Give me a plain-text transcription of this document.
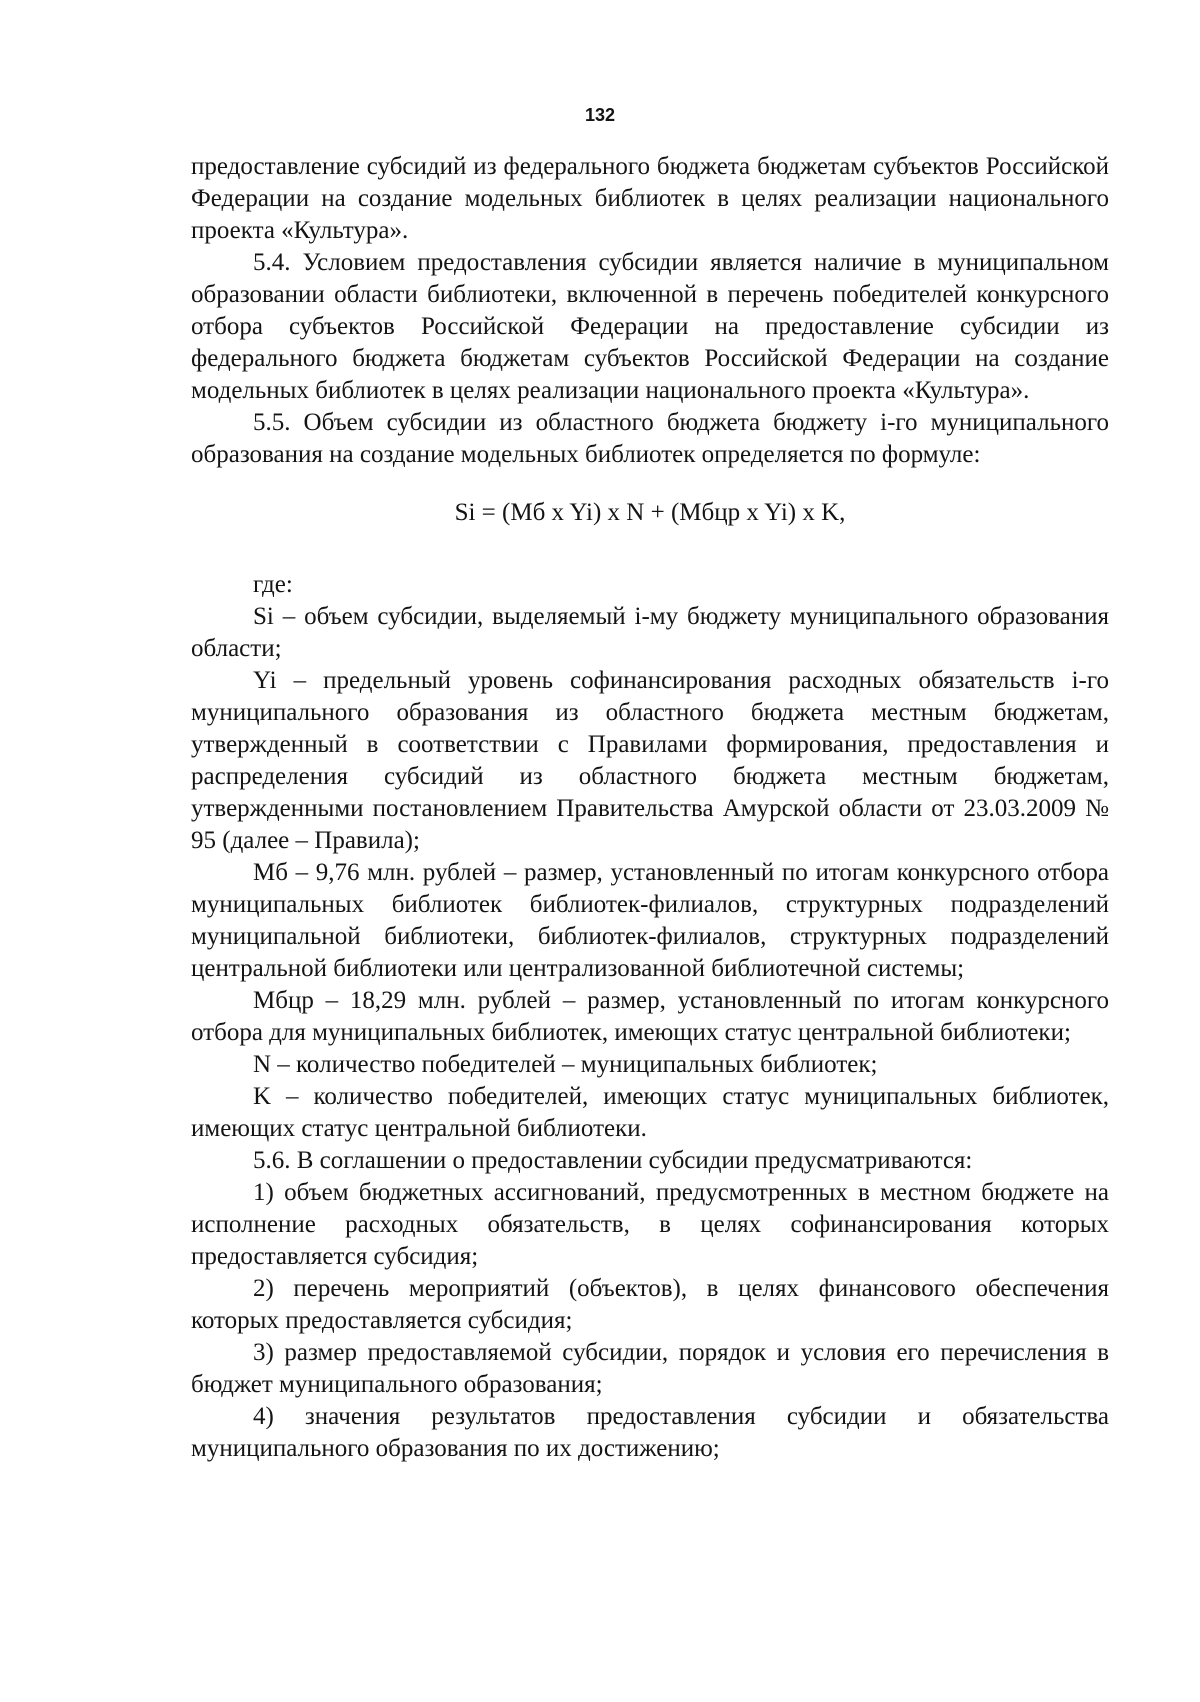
132

предоставление субсидий из федерального бюджета бюджетам субъектов Российской Федерации на создание модельных библиотек в целях реализации национального проекта «Культура».

5.4. Условием предоставления субсидии является наличие в муниципальном образовании области библиотеки, включенной в перечень победителей конкурсного отбора субъектов Российской Федерации на предоставление субсидии из федерального бюджета бюджетам субъектов Российской Федерации на создание модельных библиотек в целях реализации национального проекта «Культура».

5.5. Объем субсидии из областного бюджета бюджету i-го муниципального образования на создание модельных библиотек определяется по формуле:

Si = (Мб x Yi) x N + (Мбцр x Yi) x K,

где:

Si – объем субсидии, выделяемый i-му бюджету муниципального образования области;

Yi – предельный уровень софинансирования расходных обязательств i-го муниципального образования из областного бюджета местным бюджетам, утвержденный в соответствии с Правилами формирования, предоставления и распределения субсидий из областного бюджета местным бюджетам, утвержденными постановлением Правительства Амурской области от 23.03.2009 № 95 (далее – Правила);

Мб – 9,76 млн. рублей – размер, установленный по итогам конкурсного отбора муниципальных библиотек библиотек-филиалов, структурных подразделений муниципальной библиотеки, библиотек-филиалов, структурных подразделений центральной библиотеки или централизованной библиотечной системы;

Мбцр – 18,29 млн. рублей – размер, установленный по итогам конкурсного отбора для муниципальных библиотек, имеющих статус центральной библиотеки;

N – количество победителей – муниципальных библиотек;

K – количество победителей, имеющих статус муниципальных библиотек, имеющих статус центральной библиотеки.

5.6. В соглашении о предоставлении субсидии предусматриваются:

1) объем бюджетных ассигнований, предусмотренных в местном бюджете на исполнение расходных обязательств, в целях софинансирования которых предоставляется субсидия;

2) перечень мероприятий (объектов), в целях финансового обеспечения которых предоставляется субсидия;

3) размер предоставляемой субсидии, порядок и условия его перечисления в бюджет муниципального образования;

4) значения результатов предоставления субсидии и обязательства муниципального образования по их достижению;
